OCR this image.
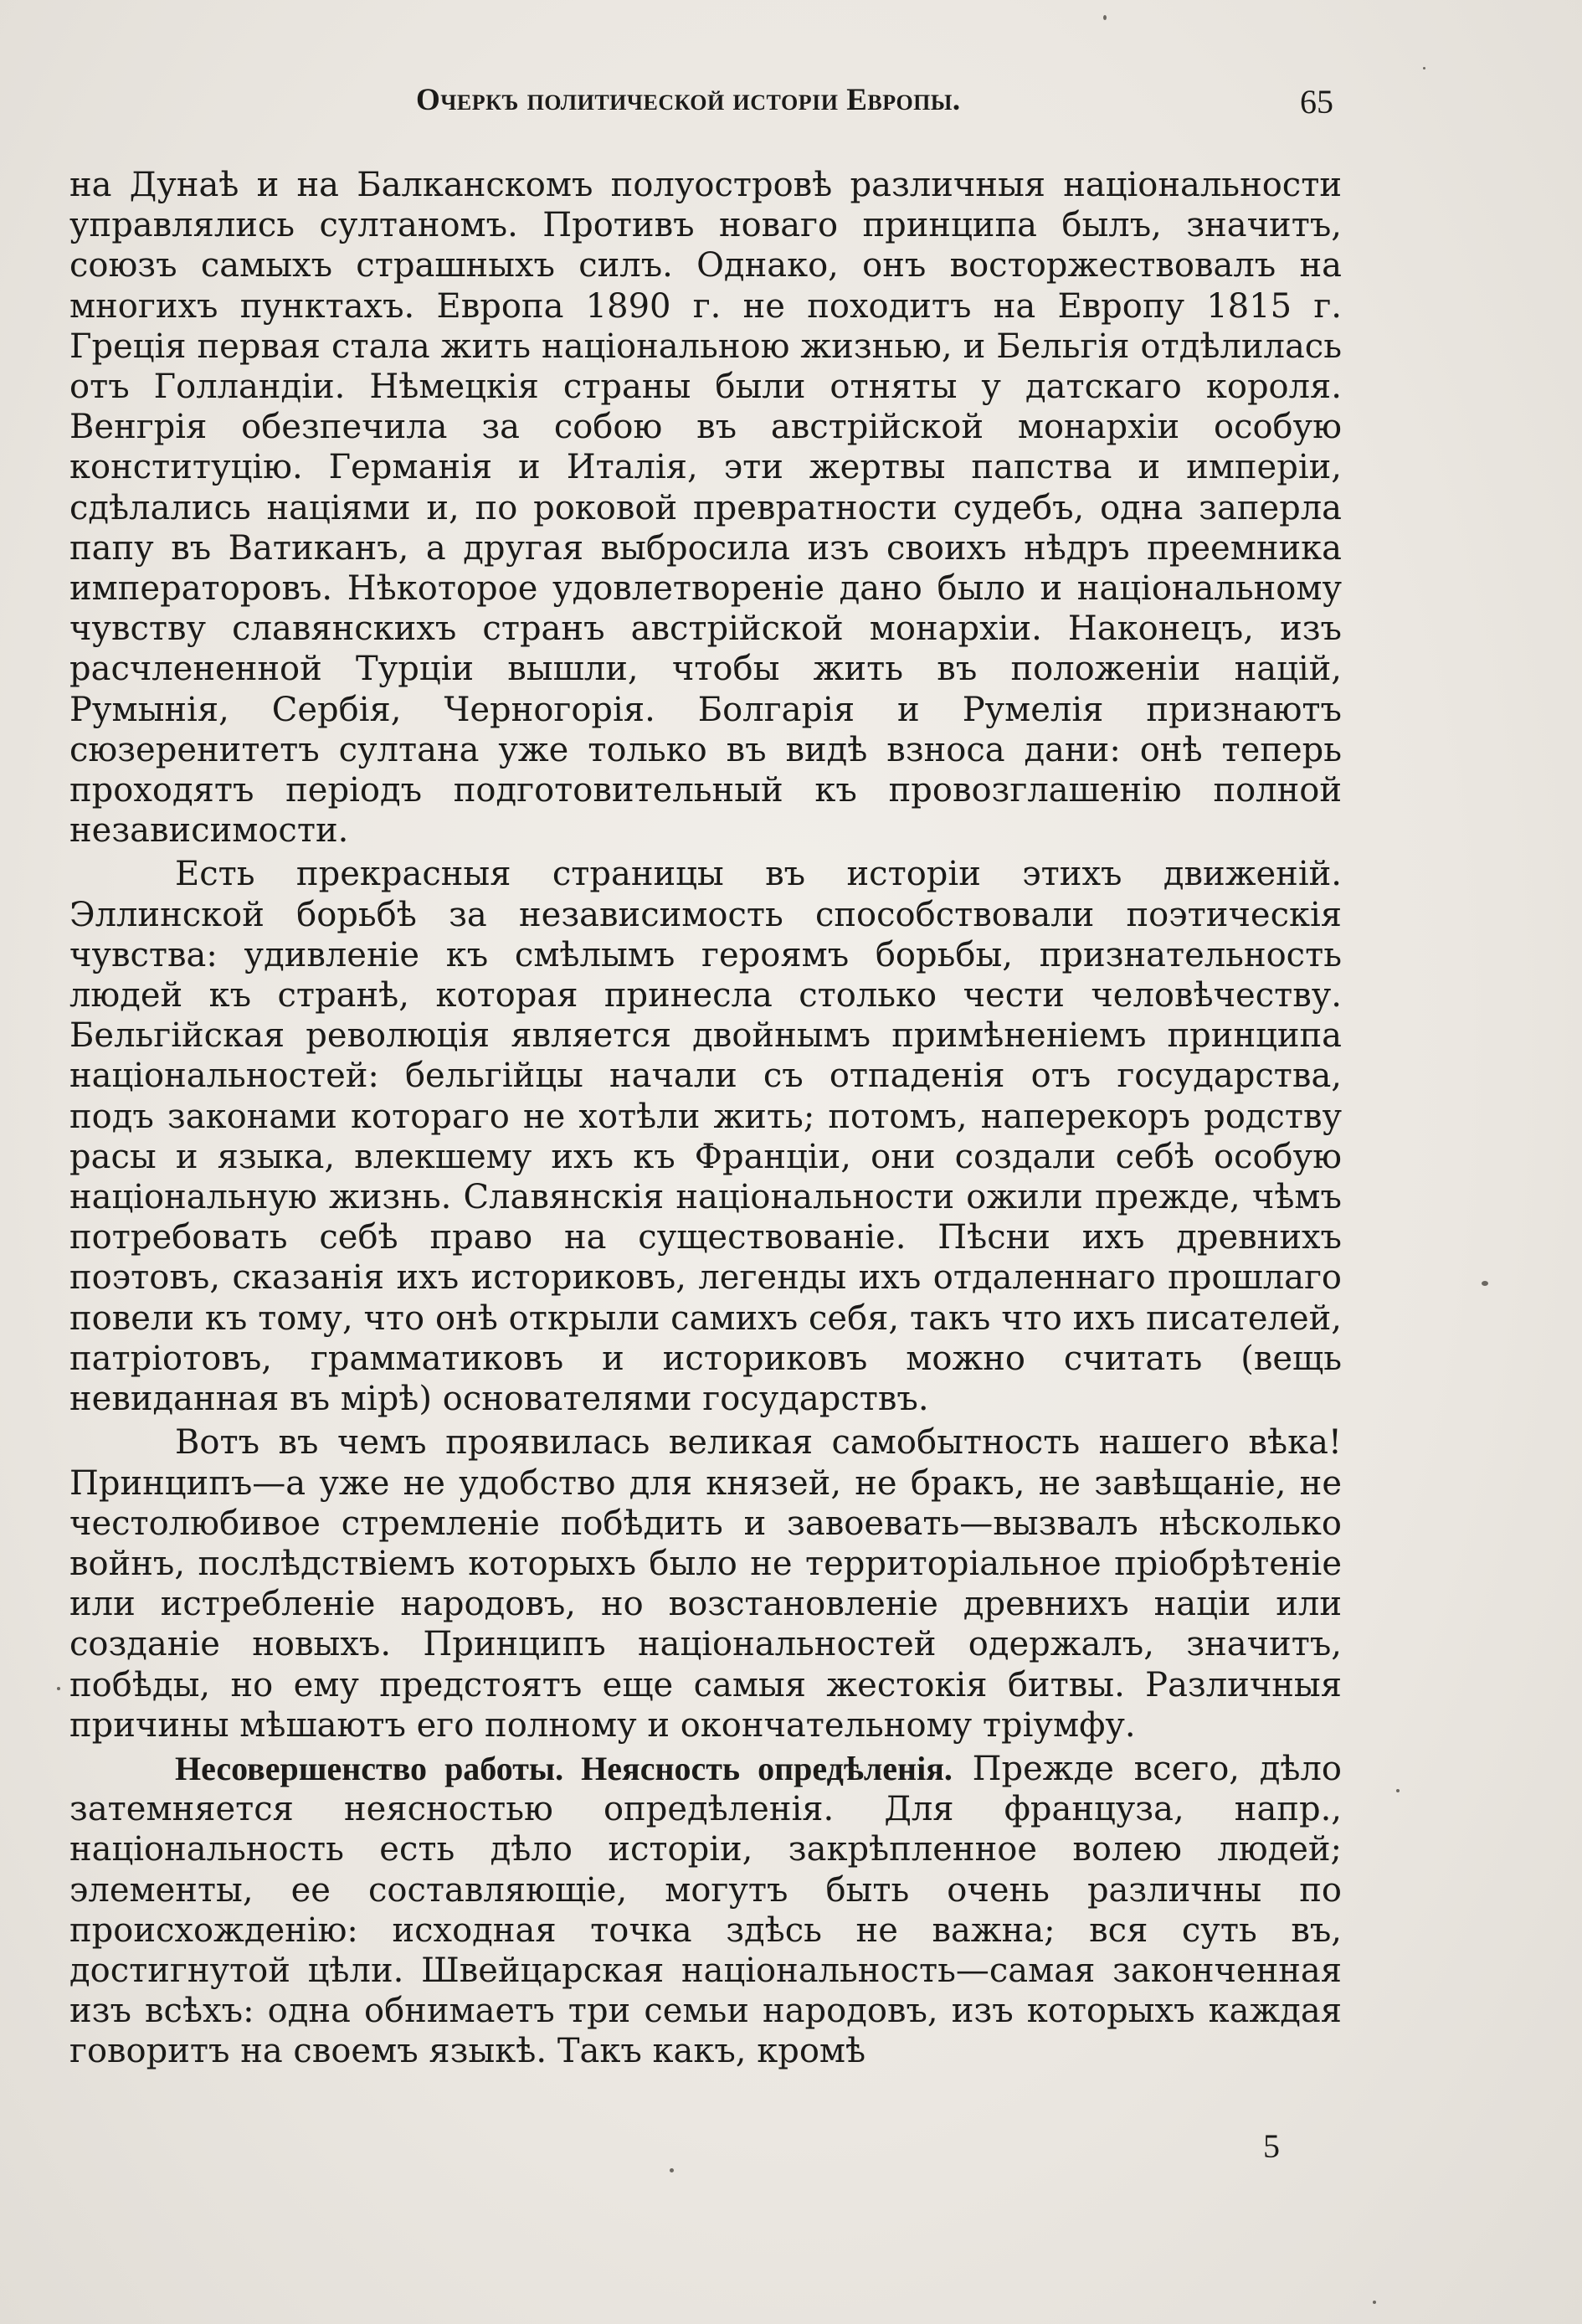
Очеркъ политической исторіи Европы.	65

на Дунаѣ и на Балканскомъ полуостровѣ различныя національности управлялись султаномъ. Противъ новаго принципа былъ, значитъ, союзъ самыхъ страшныхъ силъ. Однако, онъ восторжествовалъ на многихъ пунктахъ. Европа 1890 г. не походитъ на Европу 1815 г. Грецiя первая стала жить національною жизнью, и Бельгія отдѣлилась отъ Голландіи. Нѣмецкія страны были отняты у датскаго короля. Венгрія обезпечила за собою въ австрійской монархіи особую конституцію. Германія и Италія, эти жертвы папства и имперіи, сдѣлались націями и, по роковой превратности судебъ, одна заперла папу въ Ватиканъ, а другая выбросила изъ своихъ нѣдръ преемника императоровъ. Нѣкоторое удовлетвореніе дано было и національному чувству славянскихъ странъ австрійской монархіи. Наконецъ, изъ расчлененной Турціи вышли, чтобы жить въ положеніи націй, Румынія, Сербія, Черногорія. Болгарія и Румелія признаютъ сюзеренитетъ султана уже только въ видѣ взноса дани: онѣ теперь проходятъ періодъ подготовительный къ провозглашенію полной независимости.

Есть прекрасныя страницы въ исторіи этихъ движеній. Эллинской борьбѣ за независимость способствовали поэтическія чувства: удивленіе къ смѣлымъ героямъ борьбы, признательность людей къ странѣ, которая принесла столько чести человѣчеству. Бельгійская революція является двойнымъ примѣненіемъ принципа національностей: бельгійцы начали съ отпаденія отъ государства, подъ законами котораго не хотѣли жить; потомъ, наперекоръ родству расы и языка, влекшему ихъ къ Франціи, они создали себѣ особую національную жизнь. Славянскія національности ожили прежде, чѣмъ потребовать себѣ право на существованіе. Пѣсни ихъ древнихъ поэтовъ, сказанія ихъ историковъ, легенды ихъ отдаленнаго прошлаго повели къ тому, что онѣ открыли самихъ себя, такъ что ихъ писателей, патріотовъ, грамматиковъ и историковъ можно считать (вещь невиданная въ мірѣ) основателями государствъ.

Вотъ въ чемъ проявилась великая самобытность нашего вѣка! Принципъ—а уже не удобство для князей, не бракъ, не завѣщаніе, не честолюбивое стремленіе побѣдить и завоевать—вызвалъ нѣсколько войнъ, послѣдствіемъ которыхъ было не территоріальное пріобрѣтеніе или истребленіе народовъ, но возстановленіе древнихъ націи или созданіе новыхъ. Принципъ національностей одержалъ, значитъ, побѣды, но ему предстоятъ еще самыя жестокія битвы. Различныя причины мѣшаютъ его полному и окончательному тріумфу.

Несовершенство работы. Неясность опредѣленія. Прежде всего, дѣло затемняется неясностью опредѣленія. Для француза, напр., національность есть дѣло исторіи, закрѣпленное волею людей; элементы, ее составляющіе, могутъ быть очень различны по происхожденію: исходная точка здѣсь не важна; вся суть въ, достигнутой цѣли. Швейцарская національность—самая законченная изъ всѣхъ: одна обнимаетъ три семьи народовъ, изъ которыхъ каждая говоритъ на своемъ языкѣ. Такъ какъ, кромѣ

5
